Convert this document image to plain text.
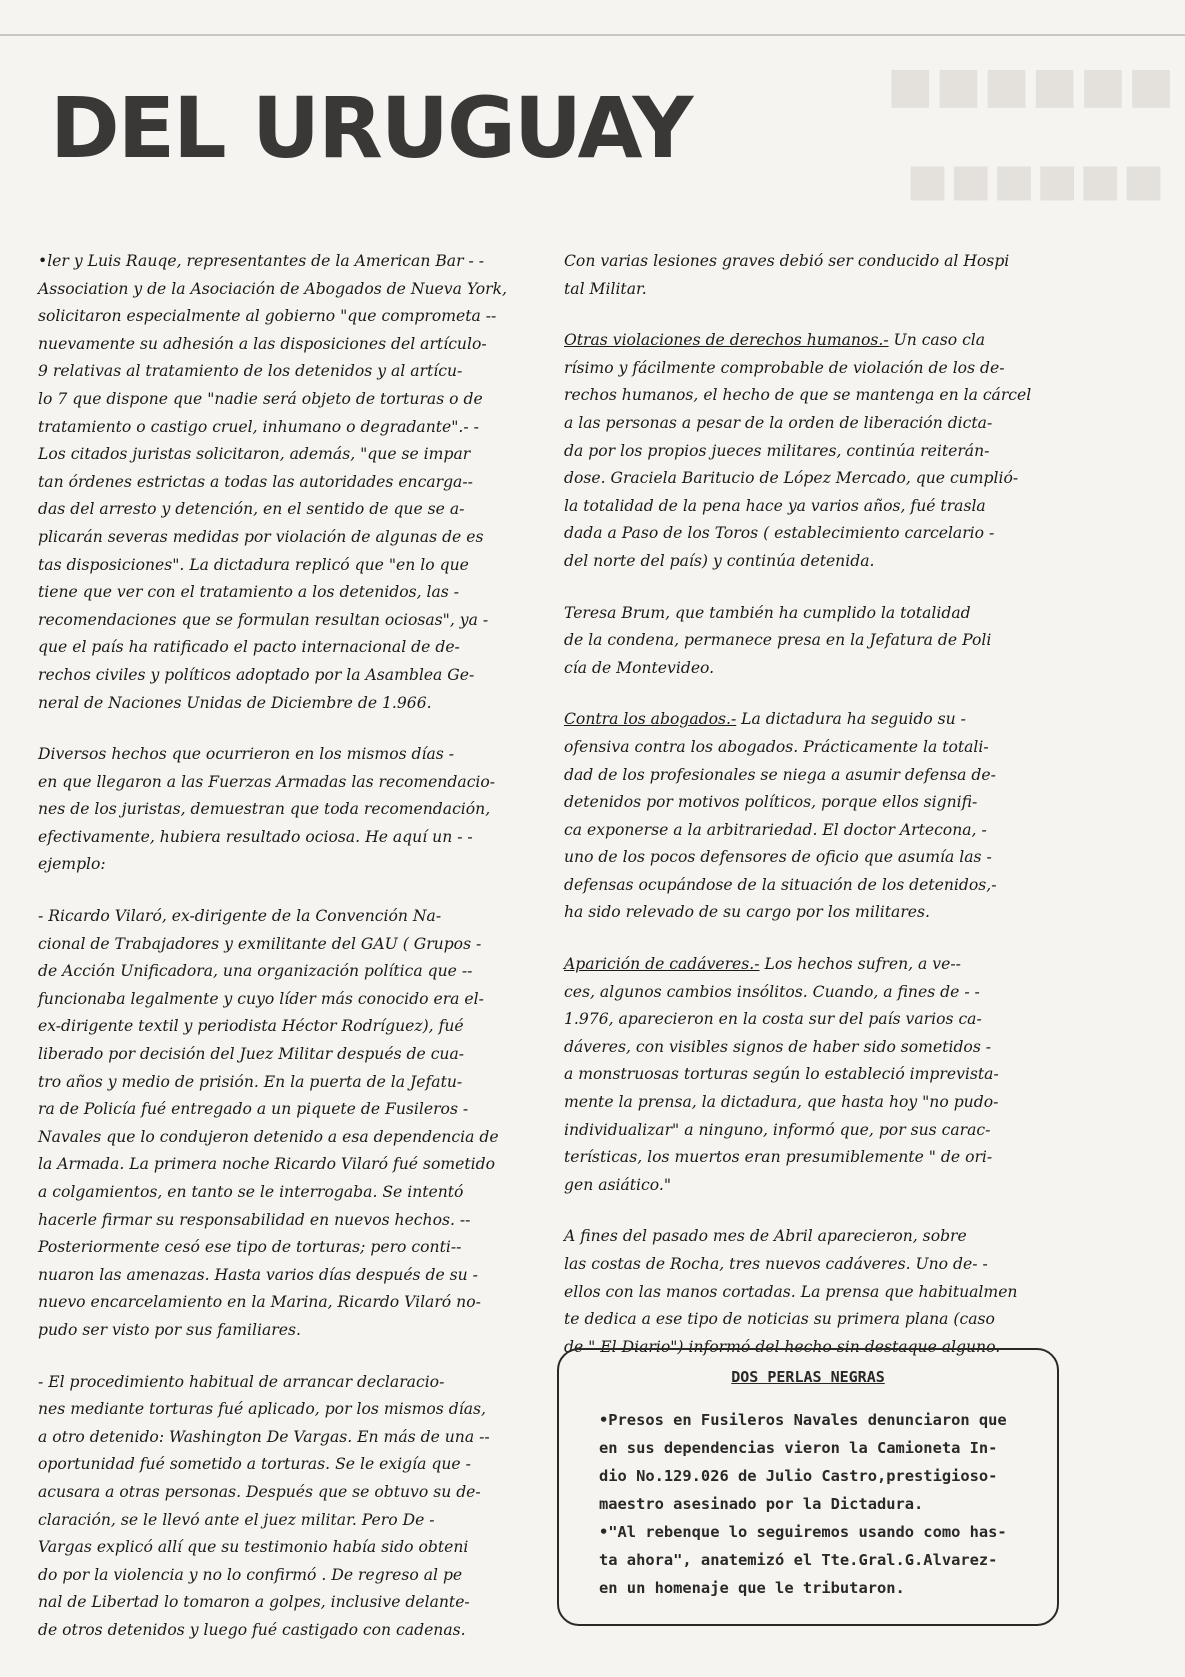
◼◼◼◼◼◼
◼◼◼◼◼◼
DEL URUGUAY

•ler y Luis Rauqe, representantes de la American Bar - -
Association y de la Asociación de Abogados de Nueva York,
solicitaron especialmente al gobierno "que comprometa --
nuevamente su adhesión a las disposiciones del artículo-
9 relativas al tratamiento de los detenidos y al artícu-
lo 7 que dispone que "nadie será objeto de torturas o de
tratamiento o castigo cruel, inhumano o degradante".- -
Los citados juristas solicitaron, además, "que se impar
tan órdenes estrictas a todas las autoridades encarga--
das del arresto y detención, en el sentido de que se a-
plicarán severas medidas por violación de algunas de es
tas disposiciones". La dictadura replicó que "en lo que
tiene que ver con el tratamiento a los detenidos, las -
recomendaciones que se formulan resultan ociosas", ya -
que el país ha ratificado el pacto internacional de de-
rechos civiles y políticos adoptado por la Asamblea Ge-
neral de Naciones Unidas de Diciembre de 1.966.

Diversos hechos que ocurrieron en los mismos días -
en que llegaron a las Fuerzas Armadas las recomendacio-
nes de los juristas, demuestran que toda recomendación,
efectivamente, hubiera resultado ociosa. He aquí un - -
ejemplo:

- Ricardo Vilaró, ex-dirigente de la Convención Na-
cional de Trabajadores y exmilitante del GAU ( Grupos -
de Acción Unificadora, una organización política que --
funcionaba legalmente y cuyo líder más conocido era el-
ex-dirigente textil y periodista Héctor Rodríguez), fué
liberado por decisión del Juez Militar después de cua-
tro años y medio de prisión. En la puerta de la Jefatu-
ra de Policía fué entregado a un piquete de Fusileros -
Navales que lo condujeron detenido a esa dependencia de
la Armada. La primera noche Ricardo Vilaró fué sometido
a colgamientos, en tanto se le interrogaba. Se intentó
hacerle firmar su responsabilidad en nuevos hechos. --
Posteriormente cesó ese tipo de torturas; pero conti--
nuaron las amenazas. Hasta varios días después de su -
nuevo encarcelamiento en la Marina, Ricardo Vilaró no-
pudo ser visto por sus familiares.

- El procedimiento habitual de arrancar declaracio-
nes mediante torturas fué aplicado, por los mismos días,
a otro detenido: Washington De Vargas. En más de una --
oportunidad fué sometido a torturas. Se le exigía que -
acusara a otras personas. Después que se obtuvo su de-
claración, se le llevó ante el juez militar. Pero De -
Vargas explicó allí que su testimonio había sido obteni
do por la violencia y no lo confirmó . De regreso al pe
nal de Libertad lo tomaron a golpes, inclusive delante-
de otros detenidos y luego fué castigado con cadenas.

Con varias lesiones graves debió ser conducido al Hospi
tal Militar.

Otras violaciones de derechos humanos.- Un caso cla
rísimo y fácilmente comprobable de violación de los de-
rechos humanos, el hecho de que se mantenga en la cárcel
a las personas a pesar de la orden de liberación dicta-
da por los propios jueces militares, continúa reiterán-
dose. Graciela Baritucio de López Mercado, que cumplió-
la totalidad de la pena hace ya varios años, fué trasla
dada a Paso de los Toros ( establecimiento carcelario -
del norte del país) y continúa detenida.

Teresa Brum, que también ha cumplido la totalidad
de la condena, permanece presa en la Jefatura de Poli
cía de Montevideo.

Contra los abogados.- La dictadura ha seguido su -
ofensiva contra los abogados. Prácticamente la totali-
dad de los profesionales se niega a asumir defensa de-
detenidos por motivos políticos, porque ellos signifi-
ca exponerse a la arbitrariedad. El doctor Artecona, -
uno de los pocos defensores de oficio que asumía las -
defensas ocupándose de la situación de los detenidos,-
ha sido relevado de su cargo por los militares.

Aparición de cadáveres.- Los hechos sufren, a ve--
ces, algunos cambios insólitos. Cuando, a fines de - -
1.976, aparecieron en la costa sur del país varios ca-
dáveres, con visibles signos de haber sido sometidos -
a monstruosas torturas según lo estableció imprevista-
mente la prensa, la dictadura, que hasta hoy "no pudo-
individualizar" a ninguno, informó que, por sus carac-
terísticas, los muertos eran presumiblemente " de ori-
gen asiático."

A fines del pasado mes de Abril aparecieron, sobre
las costas de Rocha, tres nuevos cadáveres. Uno de- -
ellos con las manos cortadas. La prensa que habitualmen
te dedica a ese tipo de noticias su primera plana (caso
de " El Diario") informó del hecho sin destaque alguno.

DOS PERLAS NEGRAS

•Presos en Fusileros Navales denunciaron que
en sus dependencias vieron la Camioneta In-
dio No.129.026 de Julio Castro,prestigioso-
maestro asesinado por la Dictadura.
•"Al rebenque lo seguiremos usando como has-
ta ahora", anatemizó el Tte.Gral.G.Alvarez-
en un homenaje que le tributaron.
